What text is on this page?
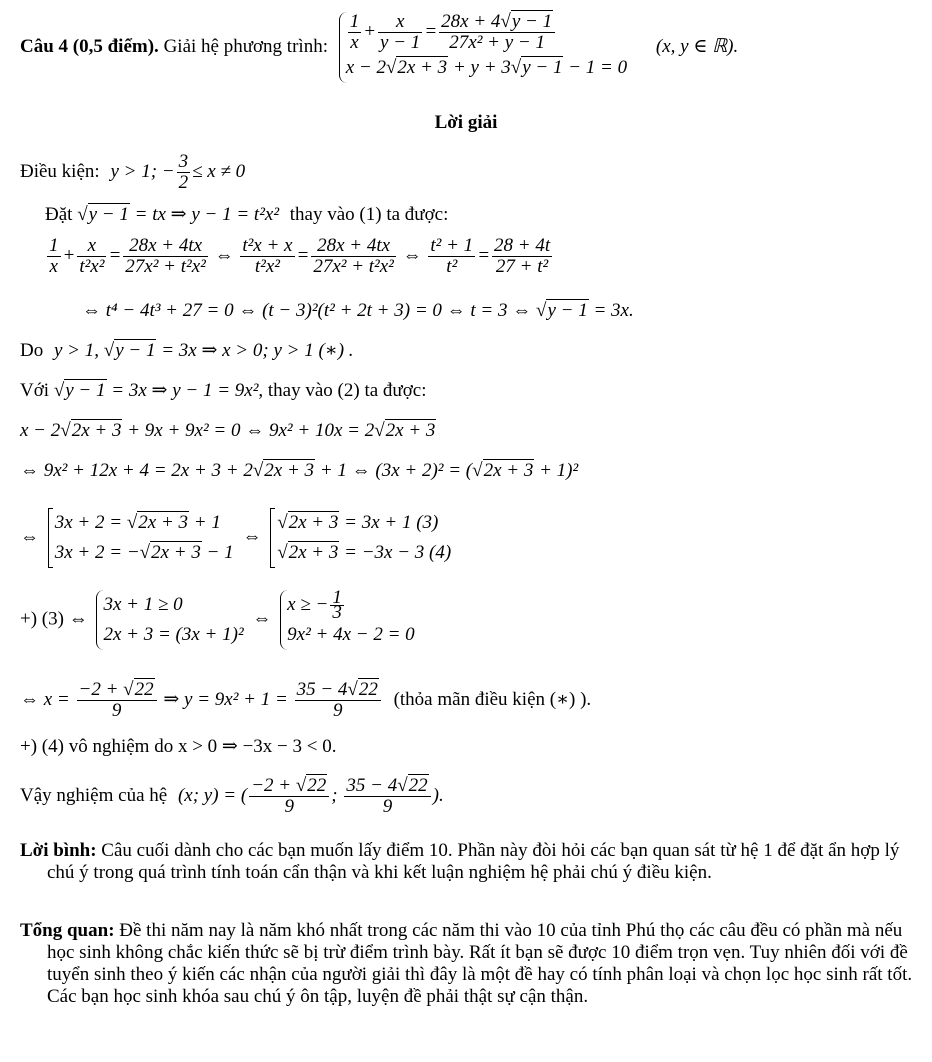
Câu 4 (0,5 điểm). Giải hệ phương trình: $\frac{1}{x} + \frac{x}{y - 1} = \frac{28x + 4√y - 1}{\text{27x² + y − 1}}$
x − 2√2x + 3 + y + 3√y − 1 − 1 = 0
(x, y ∈ ℝ).
Lời giải
Điều kiện: y > 1; − $\frac{3}{2} \le x \ne 0$
Đặt √y − 1 = tx ⇒ y − 1 = t²x² thay vào (1) ta được:
$\frac{1}{x} + \frac{x}{\text{t²x²}} = \frac{28x + 4tx}{\text{27x² + t²x²}}$ ⇔ $\frac{\text{t²x + x}}{\text{t²x²}} = \frac{28x + 4tx}{\text{27x² + t²x²}}$ ⇔ $\frac{\text{t² + 1}}{\text{t²}} = \frac{28 + 4t}{\text{27 + t²}}$
⇔ t⁴ − 4t³ + 27 = 0 ⇔ (t − 3)²(t² + 2t + 3) = 0 ⇔ t = 3 ⇔ √y − 1 = 3x.
Do y > 1, √y − 1 = 3x ⇒ x > 0; y > 1 (∗) .
Với √y − 1 = 3x ⇒ y − 1 = 9x², thay vào (2) ta được:
x − 2√2x + 3 + 9x + 9x² = 0 ⇔ 9x² + 10x = 2√2x + 3
⇔ 9x² + 12x + 4 = 2x + 3 + 2√2x + 3 + 1 ⇔ (3x + 2)² = (√2x + 3 + 1)²
⇔
3x + 2 = √2x + 3 + 1
3x + 2 = −√2x + 3 − 1
⇔
√2x + 3 = 3x + 1 (3)
√2x + 3 = −3x − 3 (4)
+) (3) ⇔
3x + 1 ≥ 0
2x + 3 = (3x + 1)²
⇔
x ≥ − $\frac{1}{3}$
9x² + 4x − 2 = 0
⇔ $x = \frac{-2 + √22}{9}$ ⇒ $y = 9x^2 + 1 = \frac{35 - 4√22}{9}$ (thỏa mãn điều kiện (∗) ).
+) (4) vô nghiệm do x > 0 ⇒ −3x − 3 < 0.
Vậy nghiệm của hệ (x; y) = ( $\frac{-2 + √22}{9}$ ; $\frac{35 - 4√22}{9}$ ).
Lời bình: Câu cuối dành cho các bạn muốn lấy điểm 10. Phần này đòi hỏi các bạn quan sát từ hệ 1 để đặt ẩn hợp lý chú ý trong quá trình tính toán cẩn thận và khi kết luận nghiệm hệ phải chú ý điều kiện.
Tổng quan: Đề thi năm nay là năm khó nhất trong các năm thi vào 10 của tỉnh Phú thọ các câu đều có phần mà nếu học sinh không chắc kiến thức sẽ bị trừ điểm trình bày. Rất ít bạn sẽ được 10 điểm trọn vẹn. Tuy nhiên đối với đề tuyển sinh theo ý kiến các nhận của người giải thì đây là một đề hay có tính phân loại và chọn lọc học sinh rất tốt. Các bạn học sinh khóa sau chú ý ôn tập, luyện đề phải thật sự cận thận.
